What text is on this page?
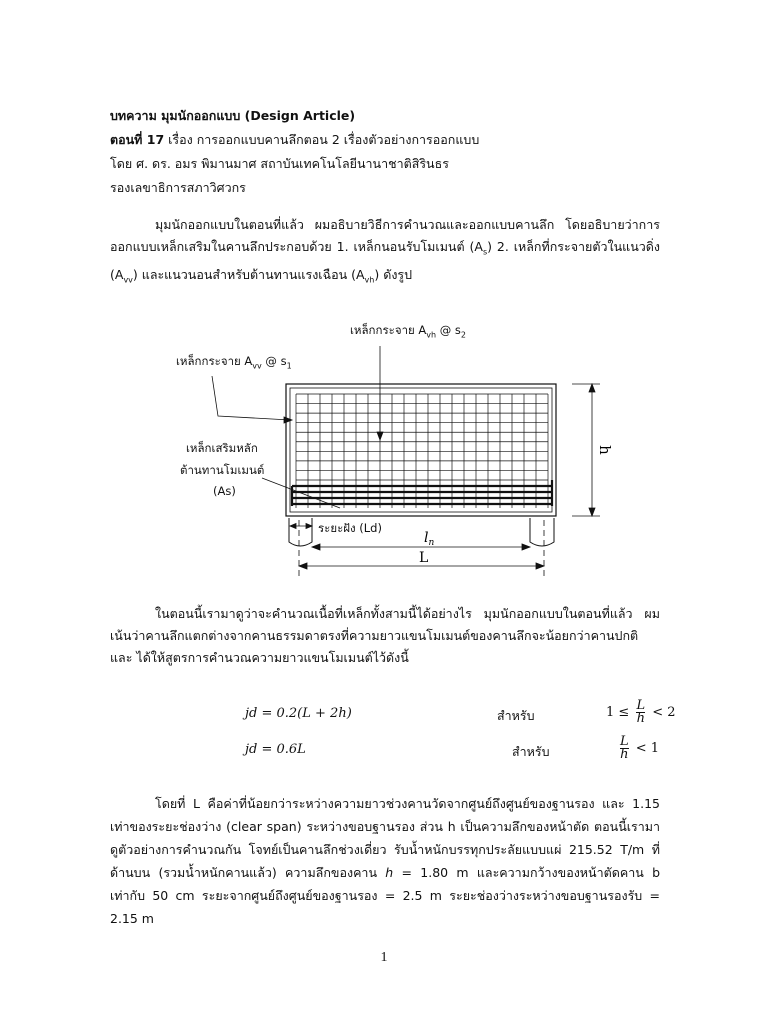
บทความ มุมนักออกแบบ (Design Article)
ตอนที่ 17 เรื่อง การออกแบบคานลึกตอน 2 เรื่องตัวอย่างการออกแบบ
โดย ศ. ดร. อมร พิมานมาศ สถาบันเทคโนโลยีนานาชาติสิรินธร
รองเลขาธิการสภาวิศวกร
มุมนักออกแบบในตอนที่แล้ว ผมอธิบายวิธีการคำนวณและออกแบบคานลึก โดยอธิบายว่าการออกแบบเหล็กเสริมในคานลึกประกอบด้วย 1. เหล็กนอนรับโมเมนต์ $(A_s)$ 2. เหล็กที่กระจายตัวในแนวดิ่ง $(A_{vv})$ และแนวนอนสำหรับต้านทานแรงเฉือน $(A_{vh})$ ดังรูป
h
$l_n$
L
เหล็กกระจาย $A_{vh}$ @ $s_2$
เหล็กกระจาย $A_{vv}$ @ $s_1$
เหล็กเสริมหลัก
ต้านทานโมเมนต์
(As)
ระยะฝัง (Ld)
ในตอนนี้เรามาดูว่าจะคำนวณเนื้อที่เหล็กทั้งสามนี้ได้อย่างไร มุมนักออกแบบในตอนที่แล้ว ผมเน้นว่าคานลึกแตกต่างจากคานธรรมดาตรงที่ความยาวแขนโมเมนต์ของคานลึกจะน้อยกว่าคานปกติ และ ได้ให้สูตรการคำนวณความยาวแขนโมเมนต์ไว้ดังนี้
jd = 0.2(L + 2h)	สำหรับ	$1 \le \frac{L}{h} < 2$
jd = 0.6L	สำหรับ	$\frac{L}{h} < 1$
โดยที่ L คือค่าที่น้อยกว่าระหว่างความยาวช่วงคานวัดจากศูนย์ถึงศูนย์ของฐานรอง และ 1.15 เท่าของระยะช่องว่าง (clear span) ระหว่างขอบฐานรอง ส่วน h เป็นความลึกของหน้าตัด ตอนนี้เรามาดูตัวอย่างการคำนวณกัน โจทย์เป็นคานลึกช่วงเดี่ยว รับน้ำหนักบรรทุกประลัยแบบแผ่ 215.52 T/m ที่ด้านบน (รวมน้ำหนักคานแล้ว) ความลึกของคาน h = 1.80 m และความกว้างของหน้าตัดคาน b เท่ากับ 50 cm ระยะจากศูนย์ถึงศูนย์ของฐานรอง = 2.5 m ระยะช่องว่างระหว่างขอบฐานรองรับ = 2.15 m
1
